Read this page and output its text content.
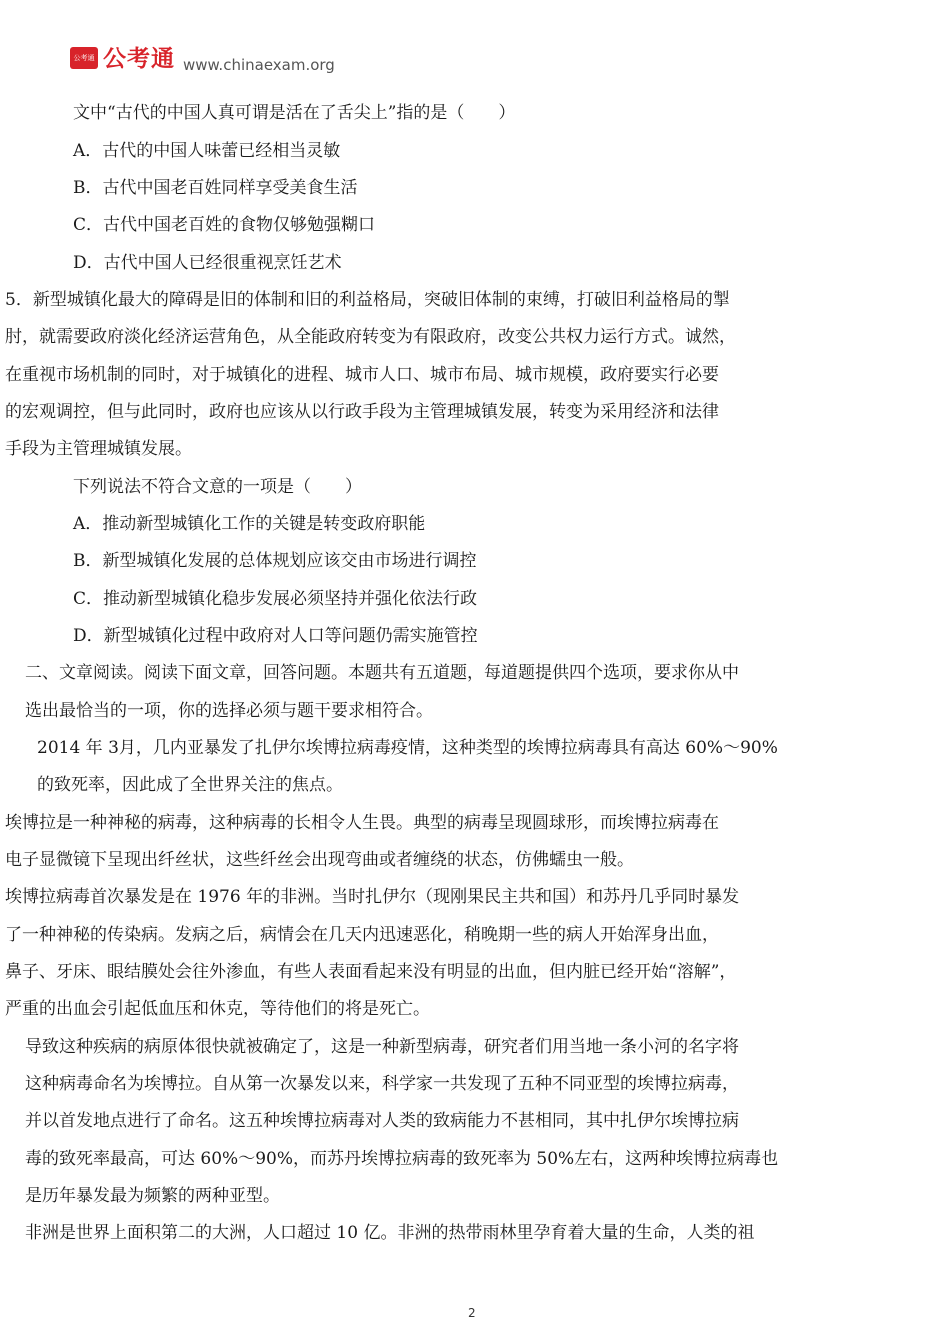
公考通 公考通 www.chinaexam.org
文中“古代的中国人真可谓是活在了舌尖上”指的是（　　）
A．古代的中国人味蕾已经相当灵敏
B．古代中国老百姓同样享受美食生活
C．古代中国老百姓的食物仅够勉强糊口
D．古代中国人已经很重视烹饪艺术
5．新型城镇化最大的障碍是旧的体制和旧的利益格局，突破旧体制的束缚，打破旧利益格局的掣
肘，就需要政府淡化经济运营角色，从全能政府转变为有限政府，改变公共权力运行方式。诚然，
在重视市场机制的同时，对于城镇化的进程、城市人口、城市布局、城市规模，政府要实行必要
的宏观调控，但与此同时，政府也应该从以行政手段为主管理城镇发展，转变为采用经济和法律
手段为主管理城镇发展。
下列说法不符合文意的一项是（　　）
A．推动新型城镇化工作的关键是转变政府职能
B．新型城镇化发展的总体规划应该交由市场进行调控
C．推动新型城镇化稳步发展必须坚持并强化依法行政
D．新型城镇化过程中政府对人口等问题仍需实施管控
二、文章阅读。阅读下面文章，回答问题。本题共有五道题，每道题提供四个选项，要求你从中
选出最恰当的一项，你的选择必须与题干要求相符合。
2014 年 3月，几内亚暴发了扎伊尔埃博拉病毒疫情，这种类型的埃博拉病毒具有高达 60%～90%
的致死率，因此成了全世界关注的焦点。
埃博拉是一种神秘的病毒，这种病毒的长相令人生畏。典型的病毒呈现圆球形，而埃博拉病毒在
电子显微镜下呈现出纤丝状，这些纤丝会出现弯曲或者缠绕的状态，仿佛蠕虫一般。
埃博拉病毒首次暴发是在 1976 年的非洲。当时扎伊尔（现刚果民主共和国）和苏丹几乎同时暴发
了一种神秘的传染病。发病之后，病情会在几天内迅速恶化，稍晚期一些的病人开始浑身出血，
鼻子、牙床、眼结膜处会往外渗血，有些人表面看起来没有明显的出血，但内脏已经开始“溶解”，
严重的出血会引起低血压和休克，等待他们的将是死亡。
导致这种疾病的病原体很快就被确定了，这是一种新型病毒，研究者们用当地一条小河的名字将
这种病毒命名为埃博拉。自从第一次暴发以来，科学家一共发现了五种不同亚型的埃博拉病毒，
并以首发地点进行了命名。这五种埃博拉病毒对人类的致病能力不甚相同，其中扎伊尔埃博拉病
毒的致死率最高，可达 60%～90%，而苏丹埃博拉病毒的致死率为 50%左右，这两种埃博拉病毒也
是历年暴发最为频繁的两种亚型。
非洲是世界上面积第二的大洲，人口超过 10 亿。非洲的热带雨林里孕育着大量的生命，人类的祖
2
